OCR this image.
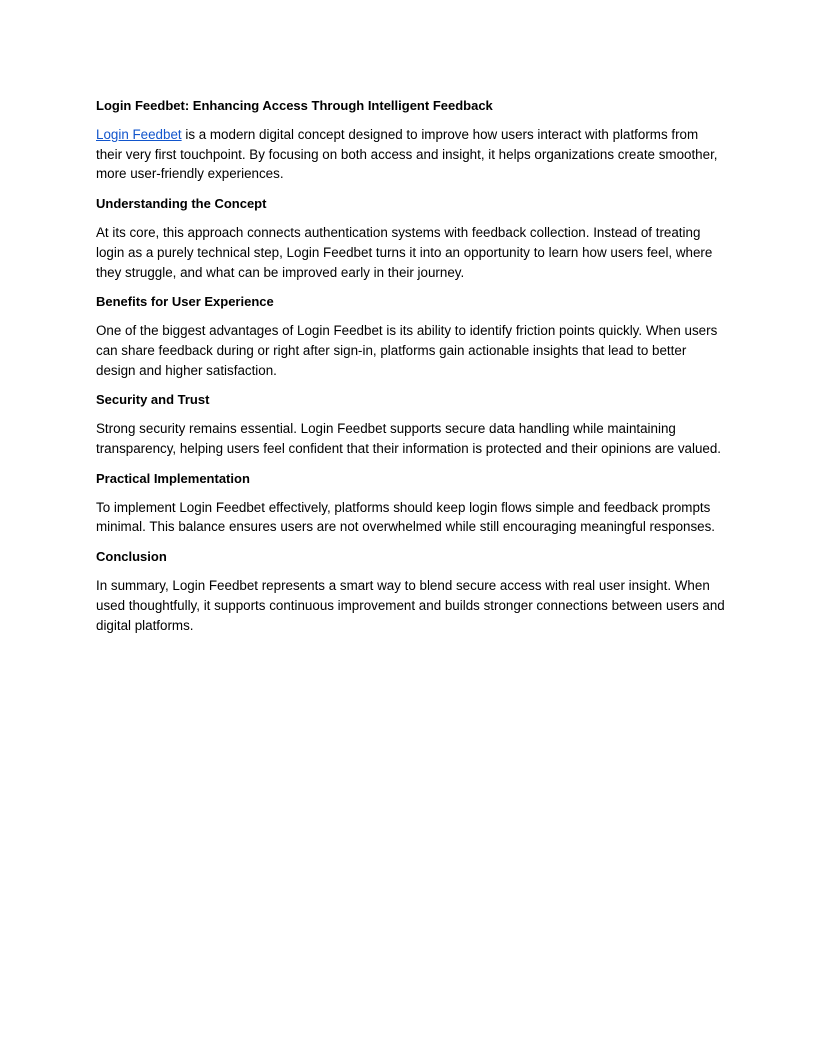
Login Feedbet: Enhancing Access Through Intelligent Feedback

Login Feedbet is a modern digital concept designed to improve how users interact with platforms from their very first touchpoint. By focusing on both access and insight, it helps organizations create smoother, more user-friendly experiences.

Understanding the Concept

At its core, this approach connects authentication systems with feedback collection. Instead of treating login as a purely technical step, Login Feedbet turns it into an opportunity to learn how users feel, where they struggle, and what can be improved early in their journey.

Benefits for User Experience

One of the biggest advantages of Login Feedbet is its ability to identify friction points quickly. When users can share feedback during or right after sign-in, platforms gain actionable insights that lead to better design and higher satisfaction.

Security and Trust

Strong security remains essential. Login Feedbet supports secure data handling while maintaining transparency, helping users feel confident that their information is protected and their opinions are valued.

Practical Implementation

To implement Login Feedbet effectively, platforms should keep login flows simple and feedback prompts minimal. This balance ensures users are not overwhelmed while still encouraging meaningful responses.

Conclusion

In summary, Login Feedbet represents a smart way to blend secure access with real user insight. When used thoughtfully, it supports continuous improvement and builds stronger connections between users and digital platforms.
